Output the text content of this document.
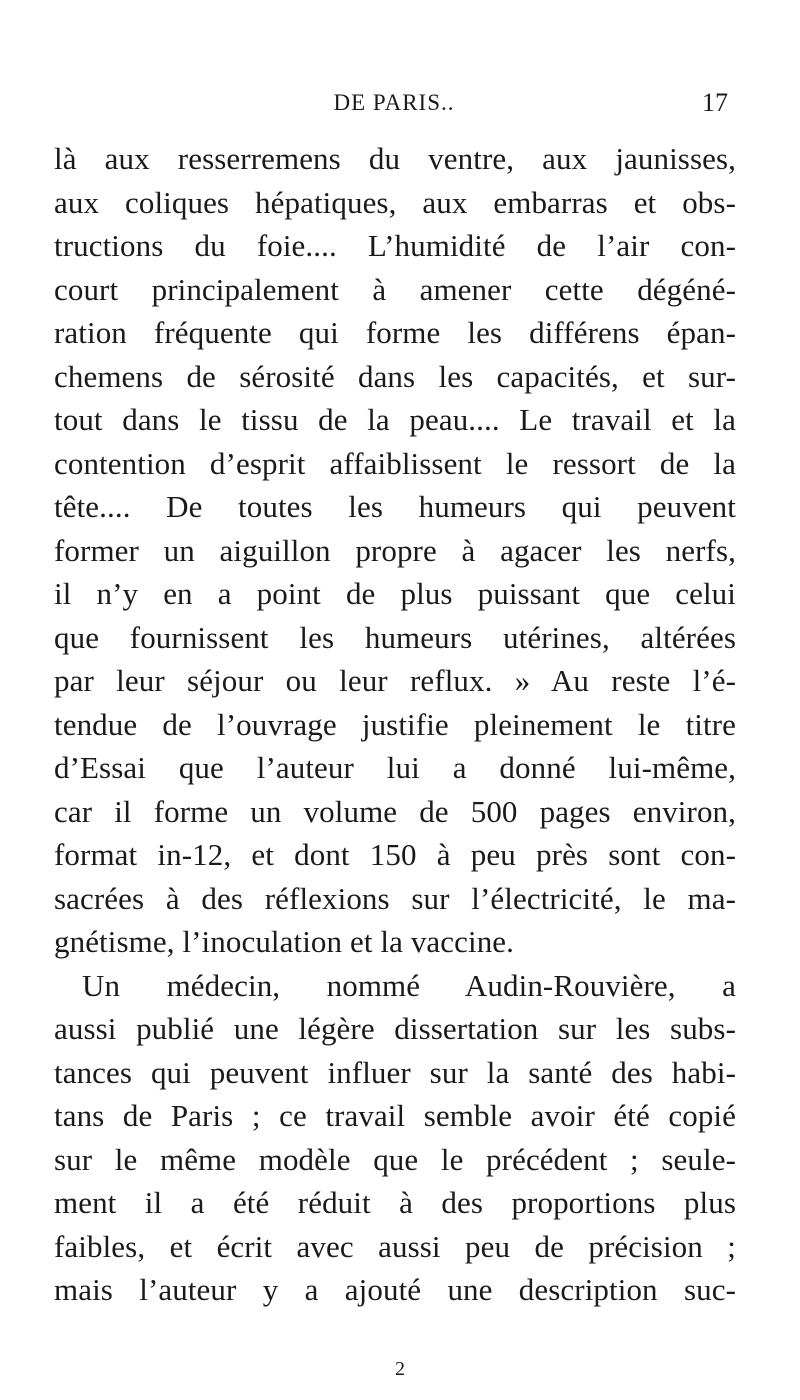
DE PARIS..	17
là aux resserremens du ventre, aux jaunisses,
aux coliques hépatiques, aux embarras et obs-
tructions du foie.... L’humidité de l’air con-
court principalement à amener cette dégéné-
ration fréquente qui forme les différens épan-
chemens de sérosité dans les capacités, et sur-
tout dans le tissu de la peau.... Le travail et la
contention d’esprit affaiblissent le ressort de la
tête.... De toutes les humeurs qui peuvent
former un aiguillon propre à agacer les nerfs,
il n’y en a point de plus puissant que celui
que fournissent les humeurs utérines, altérées
par leur séjour ou leur reflux. » Au reste l’é-
tendue de l’ouvrage justifie pleinement le titre
d’Essai que l’auteur lui a donné lui-même,
car il forme un volume de 500 pages environ,
format in-12, et dont 150 à peu près sont con-
sacrées à des réflexions sur l’électricité, le ma-
gnétisme, l’inoculation et la vaccine.
Un médecin, nommé Audin-Rouvière, a
aussi publié une légère dissertation sur les subs-
tances qui peuvent influer sur la santé des habi-
tans de Paris ; ce travail semble avoir été copié
sur le même modèle que le précédent ; seule-
ment il a été réduit à des proportions plus
faibles, et écrit avec aussi peu de précision ;
mais l’auteur y a ajouté une description suc-
2
